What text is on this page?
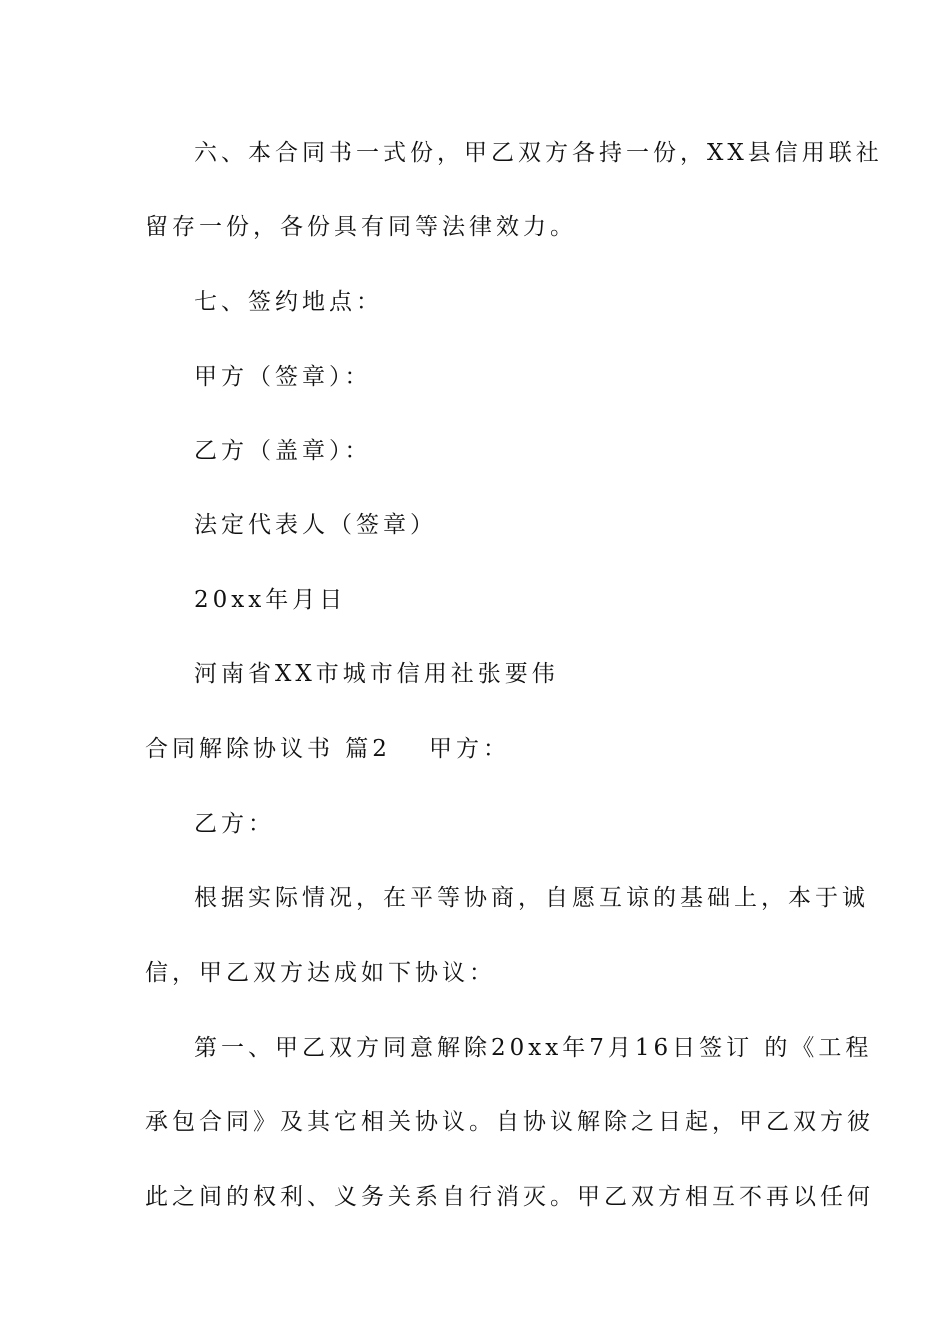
六、本合同书一式份，甲乙双方各持一份，XX县信用联社
留存一份，各份具有同等法律效力。
七、签约地点：
甲方（签章）：
乙方（盖章）：
法定代表人（签章）
20xx年月日
河南省XX市城市信用社张要伟
合同解除协议书 篇2 甲方：
乙方：
根据实际情况，在平等协商，自愿互谅的基础上，本于诚
信，甲乙双方达成如下协议：
第一、甲乙双方同意解除20xx年7月16日签订 的《工程
承包合同》及其它相关协议。自协议解除之日起，甲乙双方彼
此之间的权利、义务关系自行消灭。甲乙双方相互不再以任何
